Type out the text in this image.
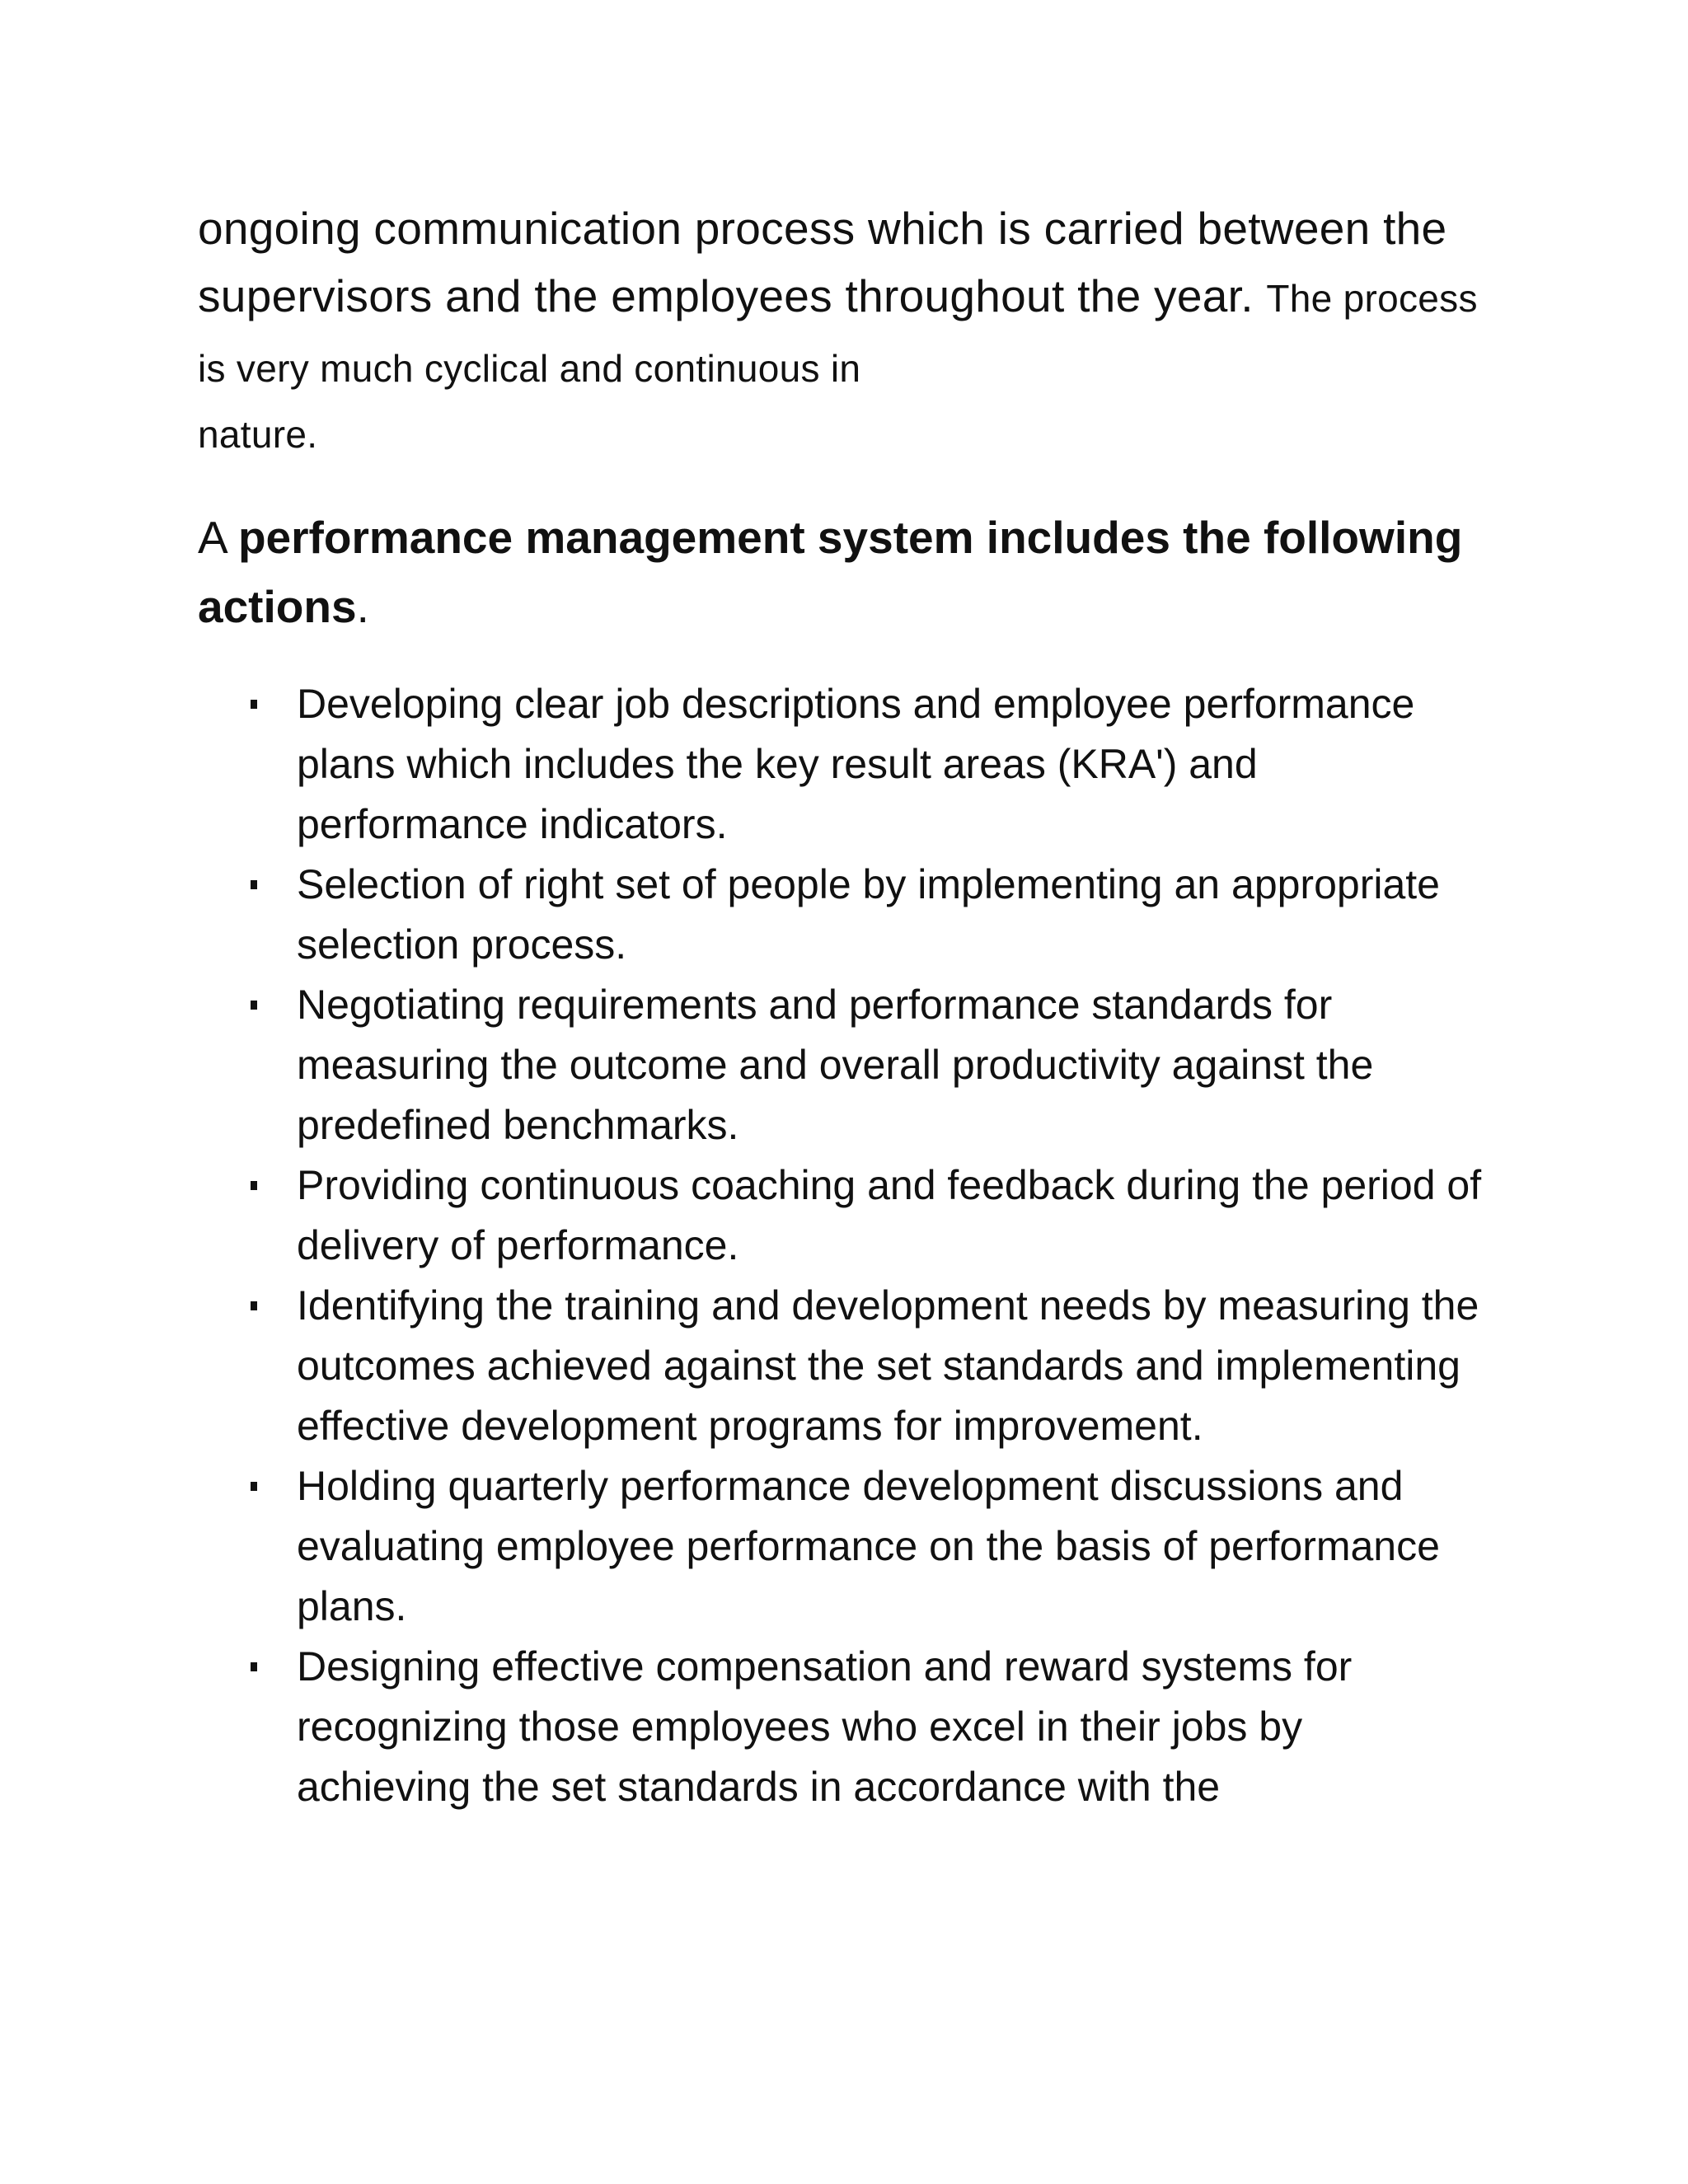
ongoing communication process which is carried between the supervisors and the employees throughout the year. The process is very much cyclical and continuous in
nature.

A performance management system includes the following actions.

Developing clear job descriptions and employee performance plans which includes the key result areas (KRA') and performance indicators.
Selection of right set of people by implementing an appropriate selection process.
Negotiating requirements and performance standards for measuring the outcome and overall productivity against the predefined benchmarks.
Providing continuous coaching and feedback during the period of delivery of performance.
Identifying the training and development needs by measuring the outcomes achieved against the set standards and implementing effective development programs for improvement.
Holding quarterly performance development discussions and evaluating employee performance on the basis of performance plans.
Designing effective compensation and reward systems for recognizing those employees who excel in their jobs by achieving the set standards in accordance with the
